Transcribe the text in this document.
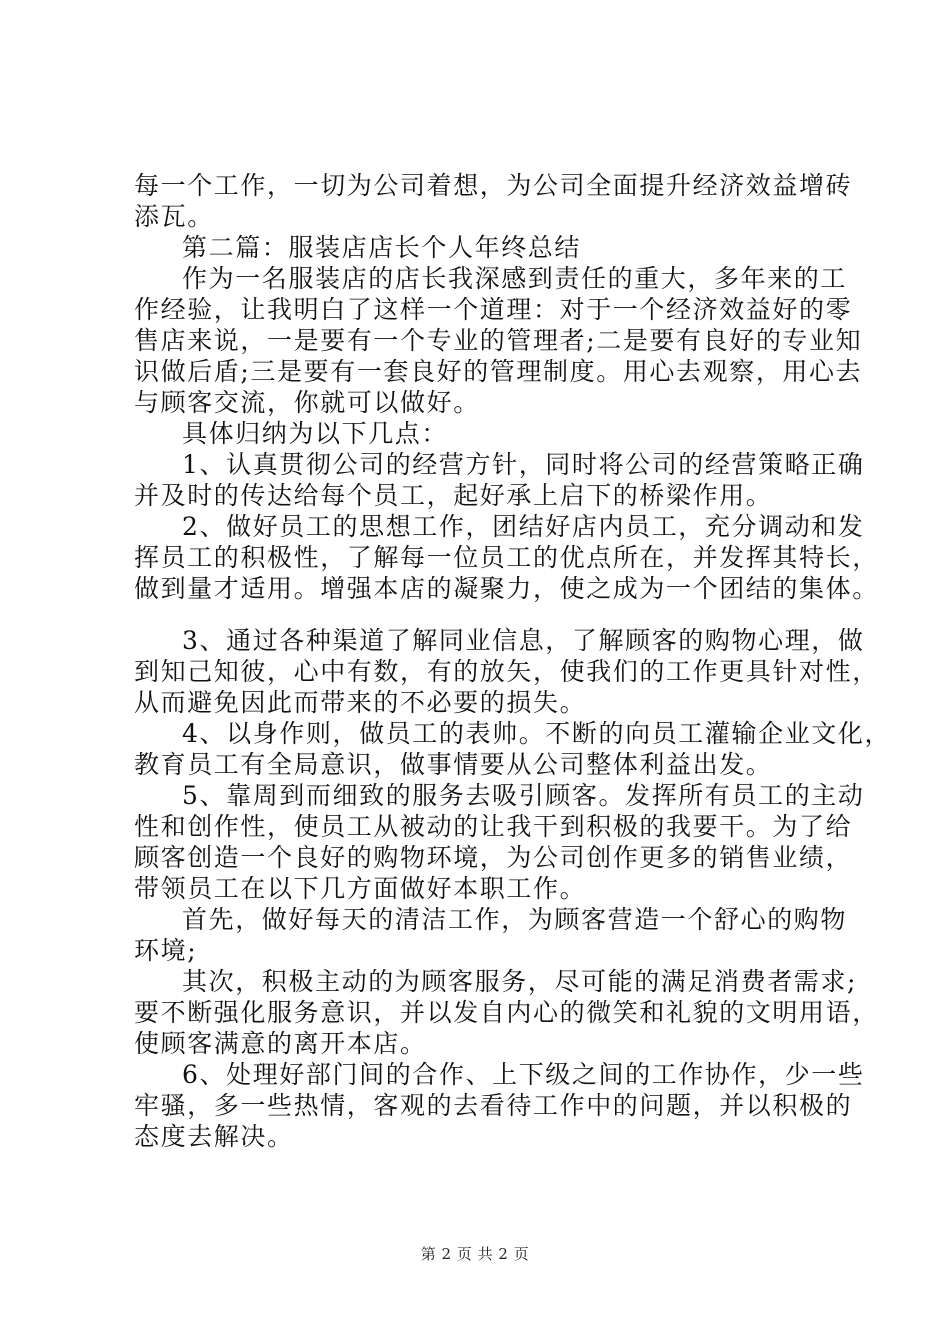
每一个工作，一切为公司着想，为公司全面提升经济效益增砖
添瓦。
第二篇：服装店店长个人年终总结
作为一名服装店的店长我深感到责任的重大，多年来的工
作经验，让我明白了这样一个道理：对于一个经济效益好的零
售店来说，一是要有一个专业的管理者;二是要有良好的专业知
识做后盾;三是要有一套良好的管理制度。用心去观察，用心去
与顾客交流，你就可以做好。
具体归纳为以下几点：
1、认真贯彻公司的经营方针，同时将公司的经营策略正确
并及时的传达给每个员工，起好承上启下的桥梁作用。
2、做好员工的思想工作，团结好店内员工，充分调动和发
挥员工的积极性，了解每一位员工的优点所在，并发挥其特长，
做到量才适用。增强本店的凝聚力，使之成为一个团结的集体。
3、通过各种渠道了解同业信息，了解顾客的购物心理，做
到知己知彼，心中有数，有的放矢，使我们的工作更具针对性，
从而避免因此而带来的不必要的损失。
4、以身作则，做员工的表帅。不断的向员工灌输企业文化，
教育员工有全局意识，做事情要从公司整体利益出发。
5、靠周到而细致的服务去吸引顾客。发挥所有员工的主动
性和创作性，使员工从被动的让我干到积极的我要干。为了给
顾客创造一个良好的购物环境，为公司创作更多的销售业绩，
带领员工在以下几方面做好本职工作。
首先，做好每天的清洁工作，为顾客营造一个舒心的购物
环境;
其次，积极主动的为顾客服务，尽可能的满足消费者需求;
要不断强化服务意识，并以发自内心的微笑和礼貌的文明用语，
使顾客满意的离开本店。
6、处理好部门间的合作、上下级之间的工作协作，少一些
牢骚，多一些热情，客观的去看待工作中的问题，并以积极的
态度去解决。
第 2 页 共 2 页
